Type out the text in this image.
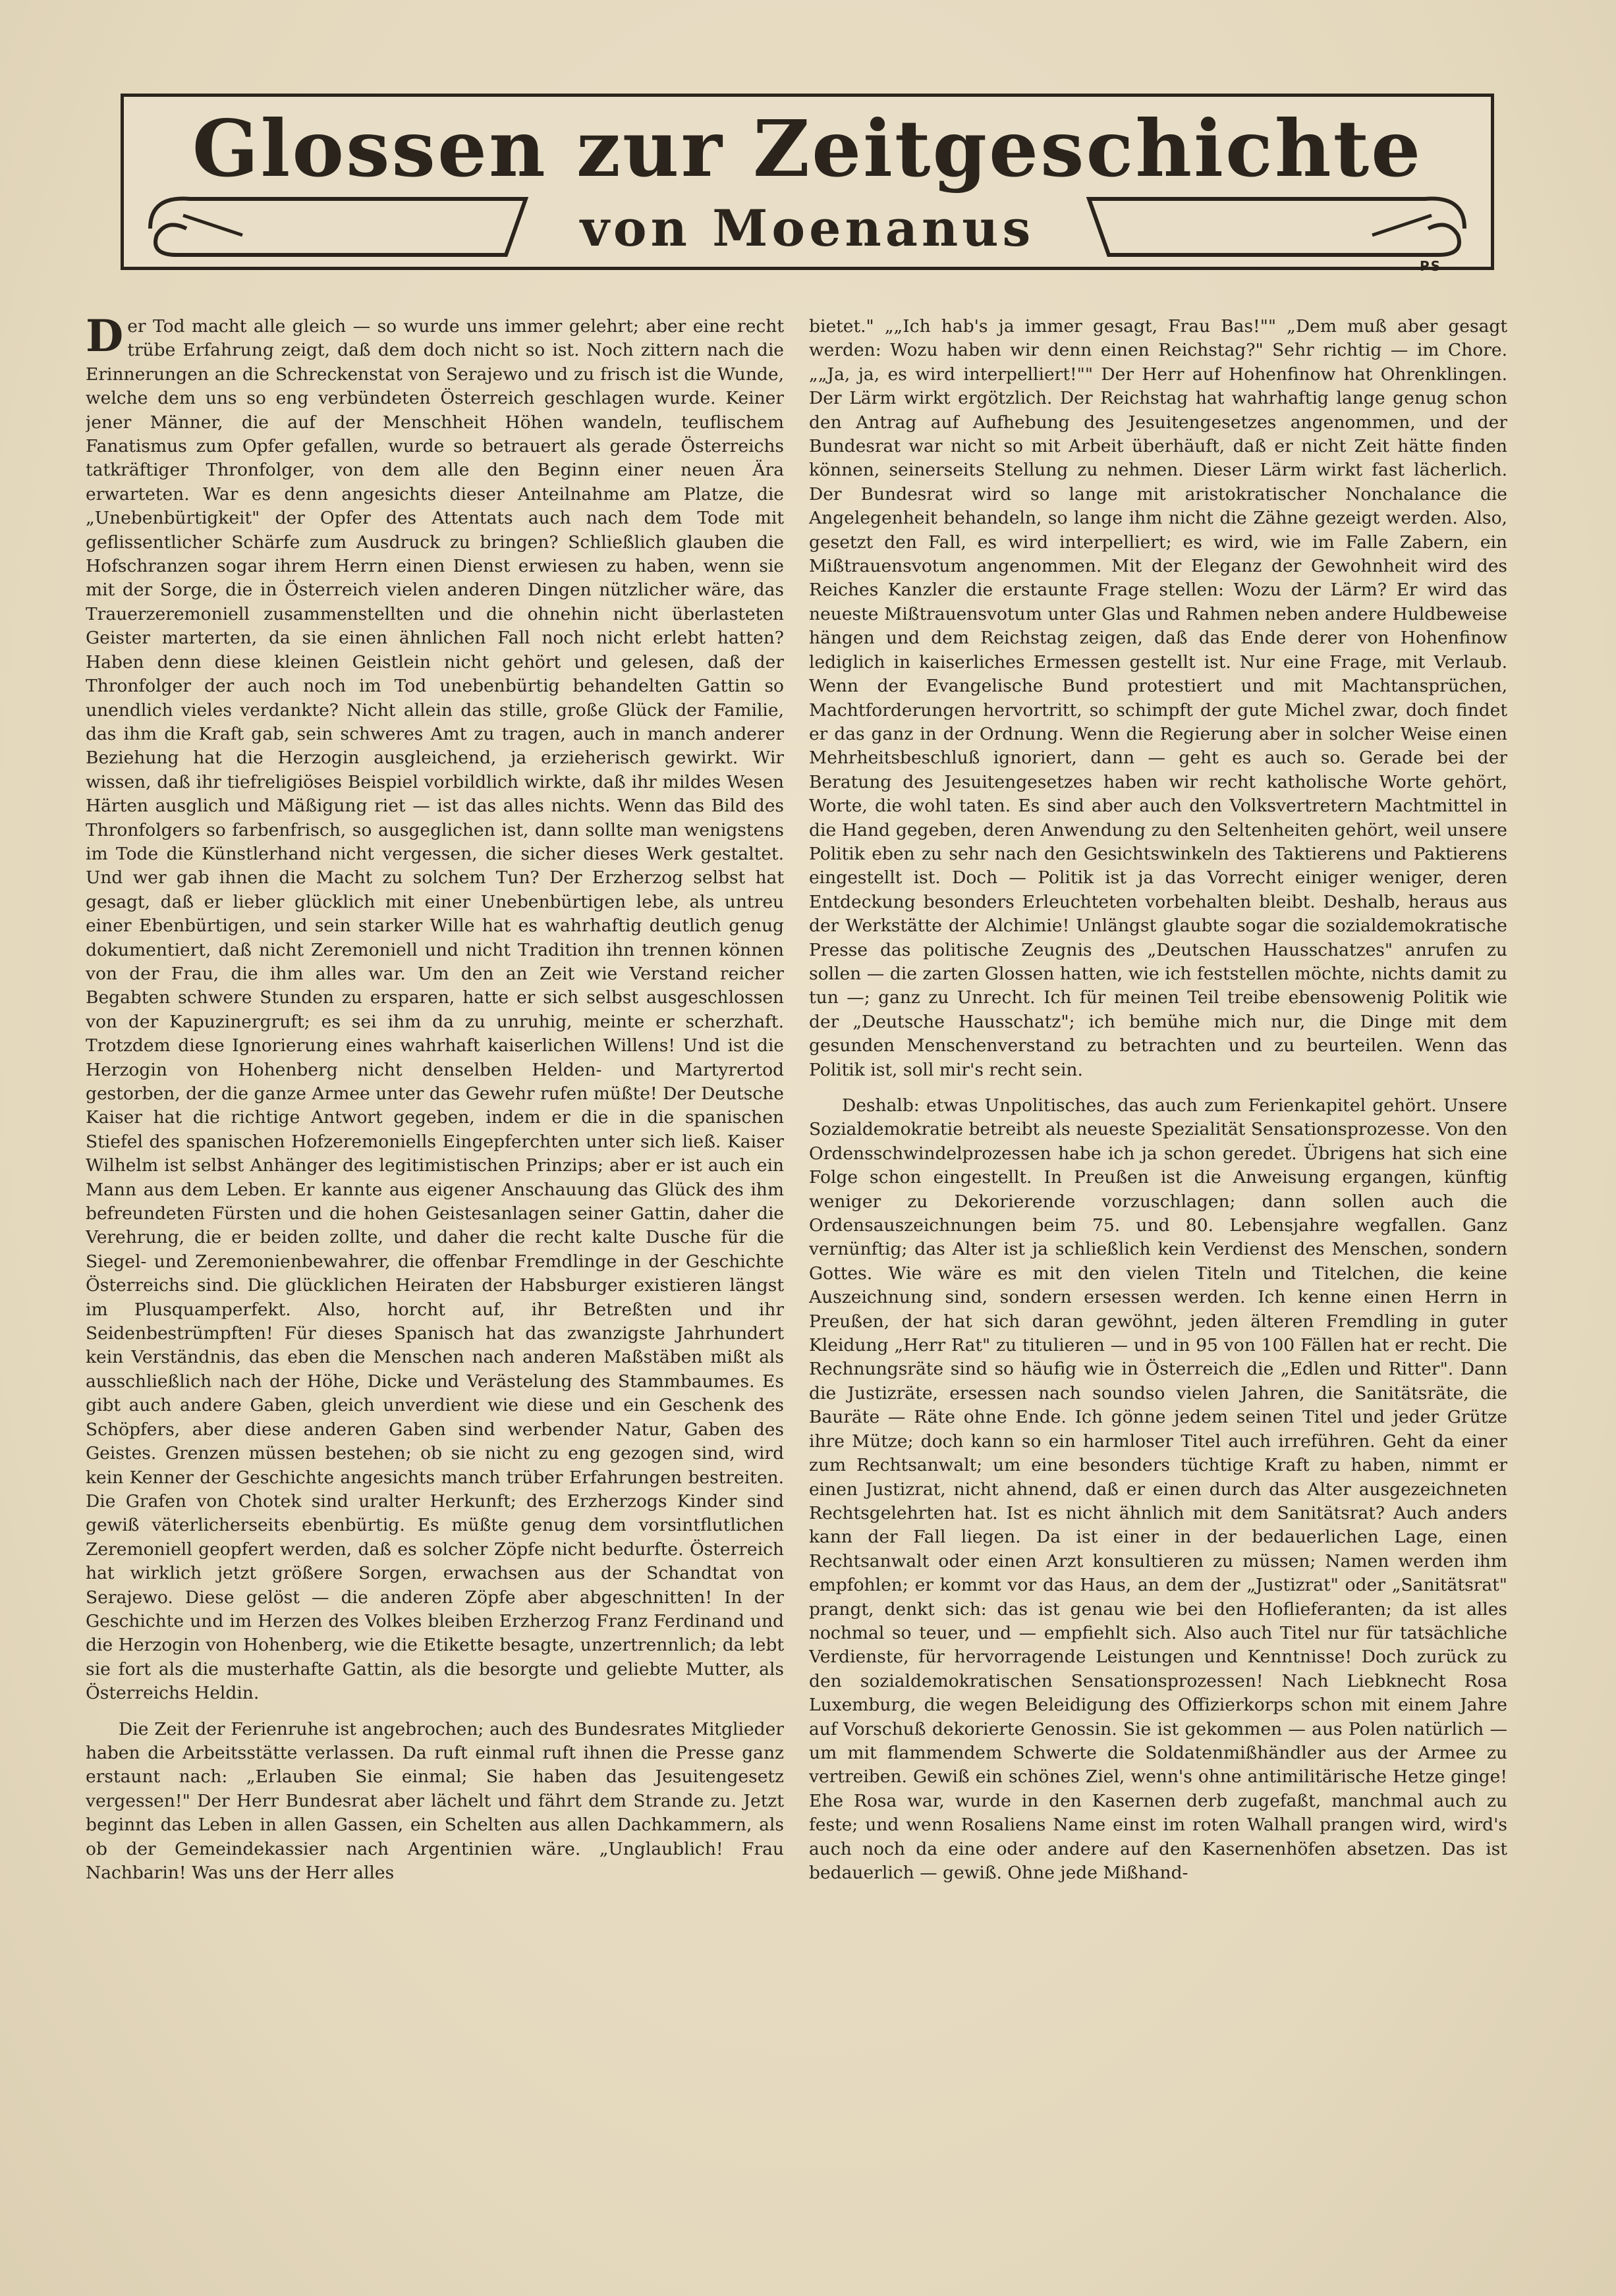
Glossen zur Zeitgeschichte
von Moenanus
PS

Der Tod macht alle gleich — so wurde uns immer gelehrt; aber eine recht trübe Erfahrung zeigt, daß dem doch nicht so ist. Noch zittern nach die Erinnerungen an die Schreckenstat von Serajewo und zu frisch ist die Wunde, welche dem uns so eng verbündeten Österreich geschlagen wurde. Keiner jener Männer, die auf der Menschheit Höhen wandeln, teuflischem Fanatismus zum Opfer gefallen, wurde so betrauert als gerade Österreichs tatkräftiger Thronfolger, von dem alle den Beginn einer neuen Ära erwarteten. War es denn angesichts dieser Anteilnahme am Platze, die „Unebenbürtigkeit" der Opfer des Attentats auch nach dem Tode mit geflissentlicher Schärfe zum Ausdruck zu bringen? Schließlich glauben die Hofschranzen sogar ihrem Herrn einen Dienst erwiesen zu haben, wenn sie mit der Sorge, die in Österreich vielen anderen Dingen nützlicher wäre, das Trauerzeremoniell zusammenstellten und die ohnehin nicht überlasteten Geister marterten, da sie einen ähnlichen Fall noch nicht erlebt hatten? Haben denn diese kleinen Geistlein nicht gehört und gelesen, daß der Thronfolger der auch noch im Tod unebenbürtig behandelten Gattin so unendlich vieles verdankte? Nicht allein das stille, große Glück der Familie, das ihm die Kraft gab, sein schweres Amt zu tragen, auch in manch anderer Beziehung hat die Herzogin ausgleichend, ja erzieherisch gewirkt. Wir wissen, daß ihr tiefreligiöses Beispiel vorbildlich wirkte, daß ihr mildes Wesen Härten ausglich und Mäßigung riet — ist das alles nichts. Wenn das Bild des Thronfolgers so farbenfrisch, so ausgeglichen ist, dann sollte man wenigstens im Tode die Künstlerhand nicht vergessen, die sicher dieses Werk gestaltet. Und wer gab ihnen die Macht zu solchem Tun? Der Erzherzog selbst hat gesagt, daß er lieber glücklich mit einer Unebenbürtigen lebe, als untreu einer Ebenbürtigen, und sein starker Wille hat es wahrhaftig deutlich genug dokumentiert, daß nicht Zeremoniell und nicht Tradition ihn trennen können von der Frau, die ihm alles war. Um den an Zeit wie Verstand reicher Begabten schwere Stunden zu ersparen, hatte er sich selbst ausgeschlossen von der Kapuzinergruft; es sei ihm da zu unruhig, meinte er scherzhaft. Trotzdem diese Ignorierung eines wahrhaft kaiserlichen Willens! Und ist die Herzogin von Hohenberg nicht denselben Helden- und Martyrertod gestorben, der die ganze Armee unter das Gewehr rufen müßte! Der Deutsche Kaiser hat die richtige Antwort gegeben, indem er die in die spanischen Stiefel des spanischen Hofzeremoniells Eingepferchten unter sich ließ. Kaiser Wilhelm ist selbst Anhänger des legitimistischen Prinzips; aber er ist auch ein Mann aus dem Leben. Er kannte aus eigener Anschauung das Glück des ihm befreundeten Fürsten und die hohen Geistesanlagen seiner Gattin, daher die Verehrung, die er beiden zollte, und daher die recht kalte Dusche für die Siegel- und Zeremonienbewahrer, die offenbar Fremdlinge in der Geschichte Österreichs sind. Die glücklichen Heiraten der Habsburger existieren längst im Plusquamperfekt. Also, horcht auf, ihr Betreßten und ihr Seidenbestrümpften! Für dieses Spanisch hat das zwanzigste Jahrhundert kein Verständnis, das eben die Menschen nach anderen Maßstäben mißt als ausschließlich nach der Höhe, Dicke und Verästelung des Stammbaumes. Es gibt auch andere Gaben, gleich unverdient wie diese und ein Geschenk des Schöpfers, aber diese anderen Gaben sind werbender Natur, Gaben des Geistes. Grenzen müssen bestehen; ob sie nicht zu eng gezogen sind, wird kein Kenner der Geschichte angesichts manch trüber Erfahrungen bestreiten. Die Grafen von Chotek sind uralter Herkunft; des Erzherzogs Kinder sind gewiß väterlicherseits ebenbürtig. Es müßte genug dem vorsintflutlichen Zeremoniell geopfert werden, daß es solcher Zöpfe nicht bedurfte. Österreich hat wirklich jetzt größere Sorgen, erwachsen aus der Schandtat von Serajewo. Diese gelöst — die anderen Zöpfe aber abgeschnitten! In der Geschichte und im Herzen des Volkes bleiben Erzherzog Franz Ferdinand und die Herzogin von Hohenberg, wie die Etikette besagte, unzertrennlich; da lebt sie fort als die musterhafte Gattin, als die besorgte und geliebte Mutter, als Österreichs Heldin.

Die Zeit der Ferienruhe ist angebrochen; auch des Bundesrates Mitglieder haben die Arbeitsstätte verlassen. Da ruft einmal ruft ihnen die Presse ganz erstaunt nach: „Erlauben Sie einmal; Sie haben das Jesuitengesetz vergessen!" Der Herr Bundesrat aber lächelt und fährt dem Strande zu. Jetzt beginnt das Leben in allen Gassen, ein Schelten aus allen Dachkammern, als ob der Gemeindekassier nach Argentinien wäre. „Unglaublich! Frau Nachbarin! Was uns der Herr alles

bietet." „„Ich hab's ja immer gesagt, Frau Bas!"" „Dem muß aber gesagt werden: Wozu haben wir denn einen Reichstag?" Sehr richtig — im Chore. „„Ja, ja, es wird interpelliert!"" Der Herr auf Hohenfinow hat Ohrenklingen. Der Lärm wirkt ergötzlich. Der Reichstag hat wahrhaftig lange genug schon den Antrag auf Aufhebung des Jesuitengesetzes angenommen, und der Bundesrat war nicht so mit Arbeit überhäuft, daß er nicht Zeit hätte finden können, seinerseits Stellung zu nehmen. Dieser Lärm wirkt fast lächerlich. Der Bundesrat wird so lange mit aristokratischer Nonchalance die Angelegenheit behandeln, so lange ihm nicht die Zähne gezeigt werden. Also, gesetzt den Fall, es wird interpelliert; es wird, wie im Falle Zabern, ein Mißtrauensvotum angenommen. Mit der Eleganz der Gewohnheit wird des Reiches Kanzler die erstaunte Frage stellen: Wozu der Lärm? Er wird das neueste Mißtrauensvotum unter Glas und Rahmen neben andere Huldbeweise hängen und dem Reichstag zeigen, daß das Ende derer von Hohenfinow lediglich in kaiserliches Ermessen gestellt ist. Nur eine Frage, mit Verlaub. Wenn der Evangelische Bund protestiert und mit Machtansprüchen, Machtforderungen hervortritt, so schimpft der gute Michel zwar, doch findet er das ganz in der Ordnung. Wenn die Regierung aber in solcher Weise einen Mehrheitsbeschluß ignoriert, dann — geht es auch so. Gerade bei der Beratung des Jesuitengesetzes haben wir recht katholische Worte gehört, Worte, die wohl taten. Es sind aber auch den Volksvertretern Machtmittel in die Hand gegeben, deren Anwendung zu den Seltenheiten gehört, weil unsere Politik eben zu sehr nach den Gesichtswinkeln des Taktierens und Paktierens eingestellt ist. Doch — Politik ist ja das Vorrecht einiger weniger, deren Entdeckung besonders Erleuchteten vorbehalten bleibt. Deshalb, heraus aus der Werkstätte der Alchimie! Unlängst glaubte sogar die sozialdemokratische Presse das politische Zeugnis des „Deutschen Hausschatzes" anrufen zu sollen — die zarten Glossen hatten, wie ich feststellen möchte, nichts damit zu tun —; ganz zu Unrecht. Ich für meinen Teil treibe ebensowenig Politik wie der „Deutsche Hausschatz"; ich bemühe mich nur, die Dinge mit dem gesunden Menschenverstand zu betrachten und zu beurteilen. Wenn das Politik ist, soll mir's recht sein.

Deshalb: etwas Unpolitisches, das auch zum Ferienkapitel gehört. Unsere Sozialdemokratie betreibt als neueste Spezialität Sensationsprozesse. Von den Ordensschwindelprozessen habe ich ja schon geredet. Übrigens hat sich eine Folge schon eingestellt. In Preußen ist die Anweisung ergangen, künftig weniger zu Dekorierende vorzuschlagen; dann sollen auch die Ordensauszeichnungen beim 75. und 80. Lebensjahre wegfallen. Ganz vernünftig; das Alter ist ja schließlich kein Verdienst des Menschen, sondern Gottes. Wie wäre es mit den vielen Titeln und Titelchen, die keine Auszeichnung sind, sondern ersessen werden. Ich kenne einen Herrn in Preußen, der hat sich daran gewöhnt, jeden älteren Fremdling in guter Kleidung „Herr Rat" zu titulieren — und in 95 von 100 Fällen hat er recht. Die Rechnungsräte sind so häufig wie in Österreich die „Edlen und Ritter". Dann die Justizräte, ersessen nach soundso vielen Jahren, die Sanitätsräte, die Bauräte — Räte ohne Ende. Ich gönne jedem seinen Titel und jeder Grütze ihre Mütze; doch kann so ein harmloser Titel auch irreführen. Geht da einer zum Rechtsanwalt; um eine besonders tüchtige Kraft zu haben, nimmt er einen Justizrat, nicht ahnend, daß er einen durch das Alter ausgezeichneten Rechtsgelehrten hat. Ist es nicht ähnlich mit dem Sanitätsrat? Auch anders kann der Fall liegen. Da ist einer in der bedauerlichen Lage, einen Rechtsanwalt oder einen Arzt konsultieren zu müssen; Namen werden ihm empfohlen; er kommt vor das Haus, an dem der „Justizrat" oder „Sanitätsrat" prangt, denkt sich: das ist genau wie bei den Hoflieferanten; da ist alles nochmal so teuer, und — empfiehlt sich. Also auch Titel nur für tatsächliche Verdienste, für hervorragende Leistungen und Kenntnisse! Doch zurück zu den sozialdemokratischen Sensationsprozessen! Nach Liebknecht Rosa Luxemburg, die wegen Beleidigung des Offizierkorps schon mit einem Jahre auf Vorschuß dekorierte Genossin. Sie ist gekommen — aus Polen natürlich — um mit flammendem Schwerte die Soldatenmißhändler aus der Armee zu vertreiben. Gewiß ein schönes Ziel, wenn's ohne antimilitärische Hetze ginge! Ehe Rosa war, wurde in den Kasernen derb zugefaßt, manchmal auch zu feste; und wenn Rosaliens Name einst im roten Walhall prangen wird, wird's auch noch da eine oder andere auf den Kasernenhöfen absetzen. Das ist bedauerlich — gewiß. Ohne jede Mißhand-
